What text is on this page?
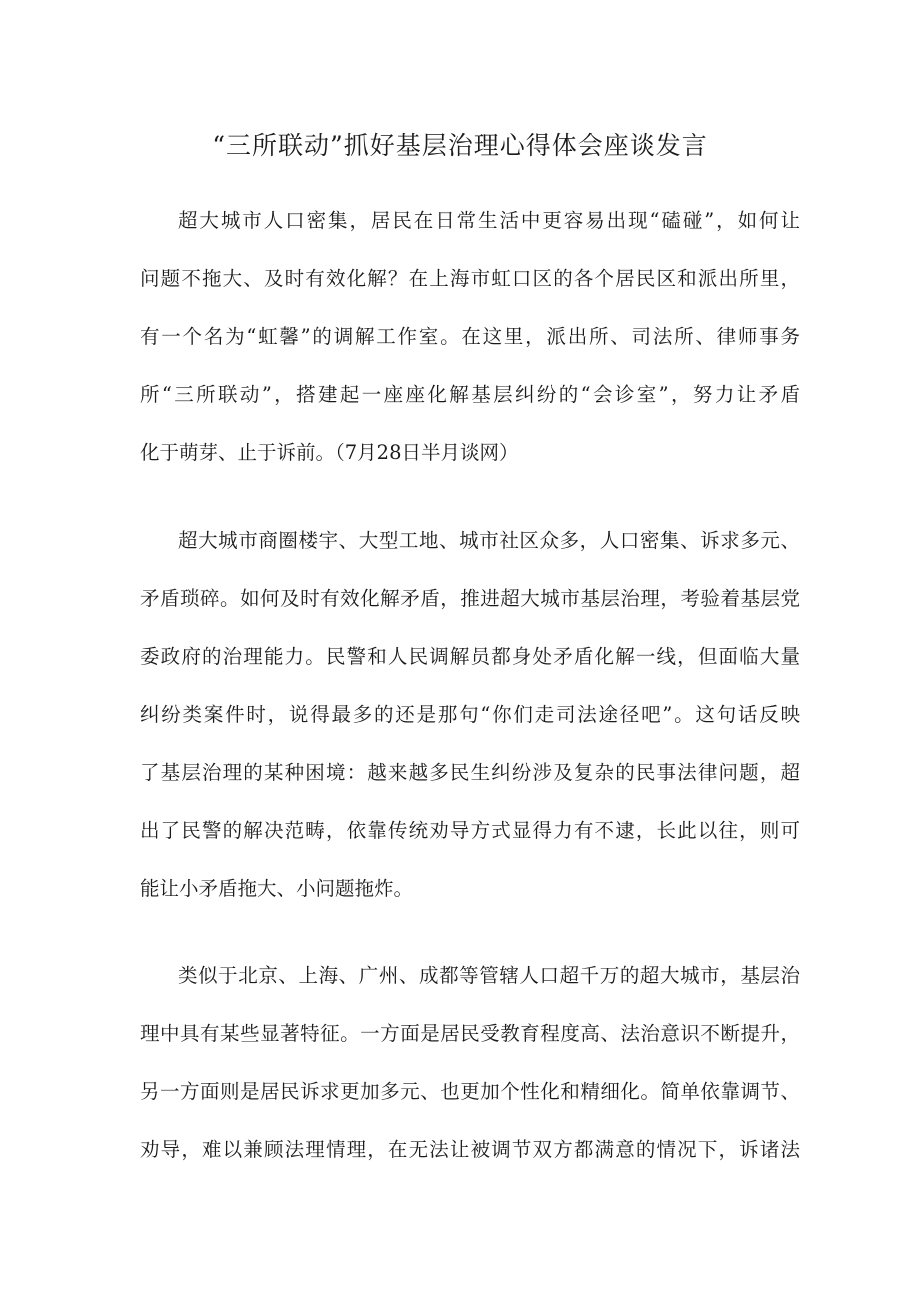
“三所联动”抓好基层治理心得体会座谈发言
超大城市人口密集，居民在日常生活中更容易出现“磕碰”，如何让
问题不拖大、及时有效化解？在上海市虹口区的各个居民区和派出所里，
有一个名为“虹馨”的调解工作室。在这里，派出所、司法所、律师事务
所“三所联动”，搭建起一座座化解基层纠纷的“会诊室”，努力让矛盾
化于萌芽、止于诉前。（7月28日半月谈网）
超大城市商圈楼宇、大型工地、城市社区众多，人口密集、诉求多元、
矛盾琐碎。如何及时有效化解矛盾，推进超大城市基层治理，考验着基层党
委政府的治理能力。民警和人民调解员都身处矛盾化解一线，但面临大量
纠纷类案件时，说得最多的还是那句“你们走司法途径吧”。这句话反映
了基层治理的某种困境：越来越多民生纠纷涉及复杂的民事法律问题，超
出了民警的解决范畴，依靠传统劝导方式显得力有不逮，长此以往，则可
能让小矛盾拖大、小问题拖炸。
类似于北京、上海、广州、成都等管辖人口超千万的超大城市，基层治
理中具有某些显著特征。一方面是居民受教育程度高、法治意识不断提升，
另一方面则是居民诉求更加多元、也更加个性化和精细化。简单依靠调节、
劝导，难以兼顾法理情理，在无法让被调节双方都满意的情况下，诉诸法
